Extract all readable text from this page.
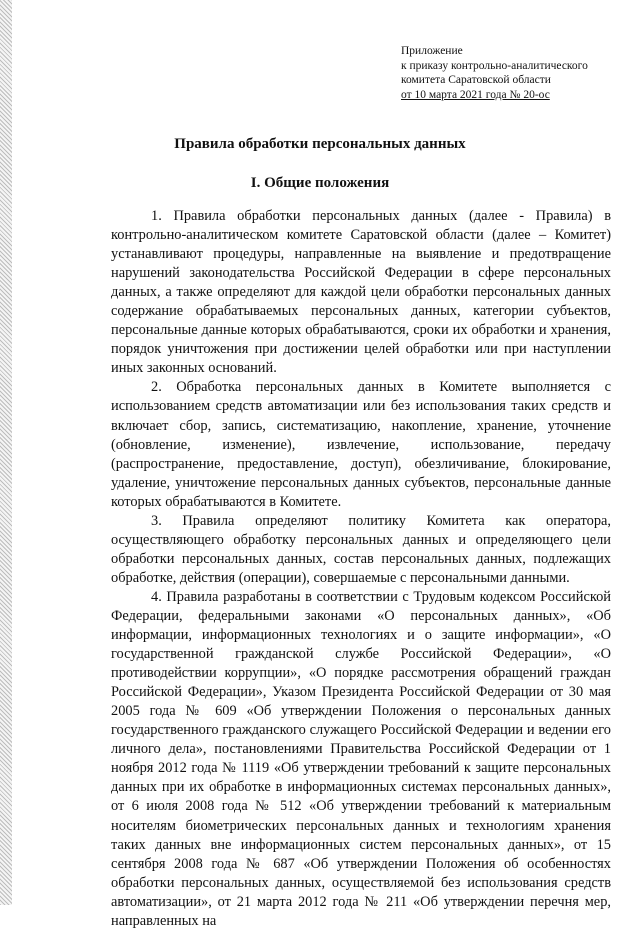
Приложение
к приказу контрольно-аналитического
комитета Саратовской области
от 10 марта 2021 года № 20-ос
Правила обработки персональных данных
I. Общие положения

1. Правила обработки персональных данных (далее - Правила) в контрольно-аналитическом комитете Саратовской области (далее – Комитет) устанавливают процедуры, направленные на выявление и предотвращение нарушений законодательства Российской Федерации в сфере персональных данных, а также определяют для каждой цели обработки персональных данных содержание обрабатываемых персональных данных, категории субъектов, персональные данные которых обрабатываются, сроки их обработки и хранения, порядок уничтожения при достижении целей обработки или при наступлении иных законных оснований.

2. Обработка персональных данных в Комитете выполняется с использованием средств автоматизации или без использования таких средств и включает сбор, запись, систематизацию, накопление, хранение, уточнение (обновление, изменение), извлечение, использование, передачу (распространение, предоставление, доступ), обезличивание, блокирование, удаление, уничтожение персональных данных субъектов, персональные данные которых обрабатываются в Комитете.

3. Правила определяют политику Комитета как оператора, осуществляющего обработку персональных данных и определяющего цели обработки персональных данных, состав персональных данных, подлежащих обработке, действия (операции), совершаемые с персональными данными.

4. Правила разработаны в соответствии с Трудовым кодексом Российской Федерации, федеральными законами «О персональных данных», «Об информации, информационных технологиях и о защите информации», «О государственной гражданской службе Российской Федерации», «О противодействии коррупции», «О порядке рассмотрения обращений граждан Российской Федерации», Указом Президента Российской Федерации от 30 мая 2005 года № 609 «Об утверждении Положения о персональных данных государственного гражданского служащего Российской Федерации и ведении его личного дела», постановлениями Правительства Российской Федерации от 1 ноября 2012 года № 1119 «Об утверждении требований к защите персональных данных при их обработке в информационных системах персональных данных», от 6 июля 2008 года № 512 «Об утверждении требований к материальным носителям биометрических персональных данных и технологиям хранения таких данных вне информационных систем персональных данных», от 15 сентября 2008 года № 687 «Об утверждении Положения об особенностях обработки персональных данных, осуществляемой без использования средств автоматизации», от 21 марта 2012 года № 211 «Об утверждении перечня мер, направленных на
